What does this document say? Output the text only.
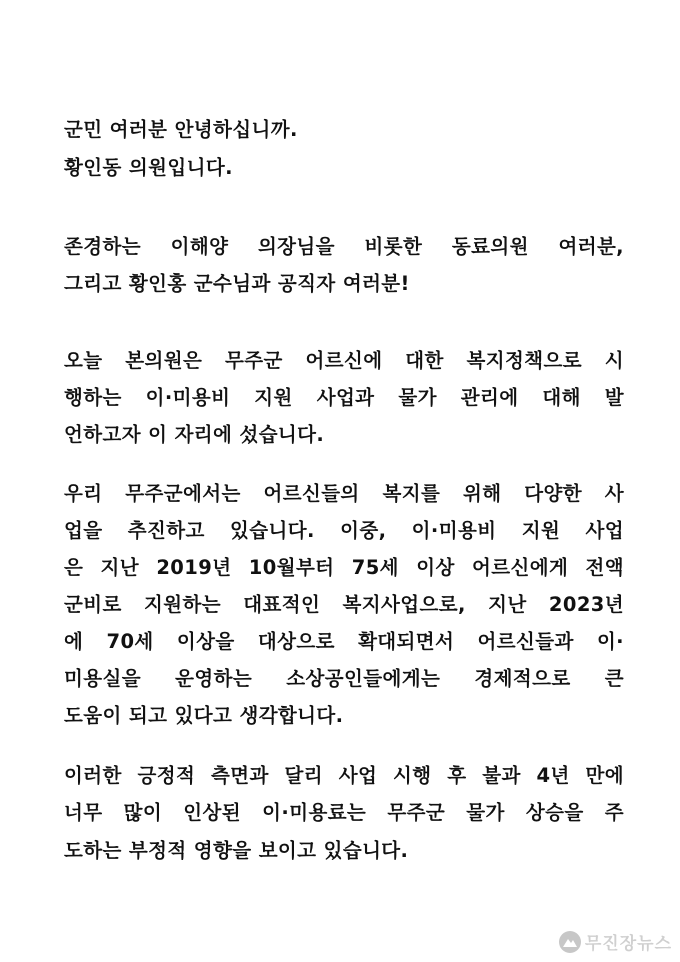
군민 여러분 안녕하십니까.
황인동 의원입니다.
존경하는 이해양 의장님을 비롯한 동료의원 여러분,
그리고 황인홍 군수님과 공직자 여러분!
오늘 본의원은 무주군 어르신에 대한 복지정책으로 시
행하는 이·미용비 지원 사업과 물가 관리에 대해 발
언하고자 이 자리에 섰습니다.
우리 무주군에서는 어르신들의 복지를 위해 다양한 사
업을 추진하고 있습니다. 이중, 이·미용비 지원 사업
은 지난 2019년 10월부터 75세 이상 어르신에게 전액
군비로 지원하는 대표적인 복지사업으로, 지난 2023년
에 70세 이상을 대상으로 확대되면서 어르신들과 이·
미용실을 운영하는 소상공인들에게는 경제적으로 큰
도움이 되고 있다고 생각합니다.
이러한 긍정적 측면과 달리 사업 시행 후 불과 4년 만에
너무 많이 인상된 이·미용료는 무주군 물가 상승을 주
도하는 부정적 영향을 보이고 있습니다.
무진장뉴스
